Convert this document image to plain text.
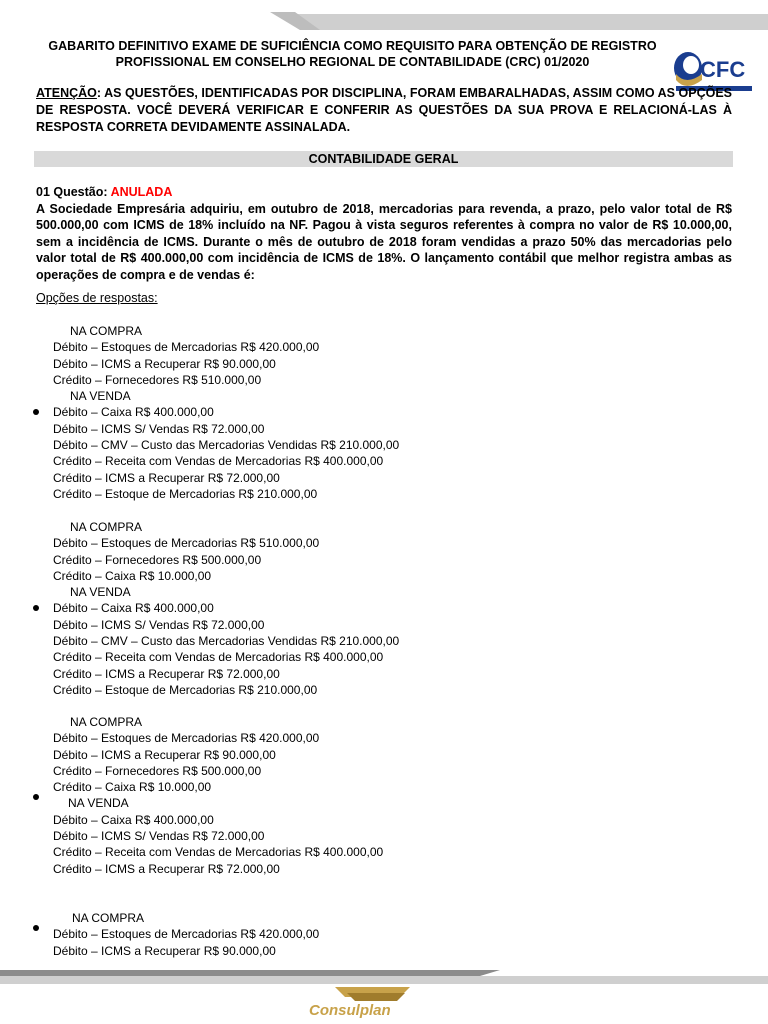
GABARITO DEFINITIVO EXAME DE SUFICIÊNCIA COMO REQUISITO PARA OBTENÇÃO DE REGISTRO
PROFISSIONAL EM CONSELHO REGIONAL DE CONTABILIDADE (CRC) 01/2020	CFC
ATENÇÃO: AS QUESTÕES, IDENTIFICADAS POR DISCIPLINA, FORAM EMBARALHADAS, ASSIM COMO AS OPÇÕES DE RESPOSTA. VOCÊ DEVERÁ VERIFICAR E CONFERIR AS QUESTÕES DA SUA PROVA E RELACIONÁ-LAS À RESPOSTA CORRETA DEVIDAMENTE ASSINALADA.
CONTABILIDADE GERAL
01 Questão: ANULADA
A Sociedade Empresária adquiriu, em outubro de 2018, mercadorias para revenda, a prazo, pelo valor total de R$ 500.000,00 com ICMS de 18% incluído na NF. Pagou à vista seguros referentes à compra no valor de R$ 10.000,00, sem a incidência de ICMS. Durante o mês de outubro de 2018 foram vendidas a prazo 50% das mercadorias pelo valor total de R$ 400.000,00 com incidência de ICMS de 18%. O lançamento contábil que melhor registra ambas as operações de compra e de vendas é:
Opções de respostas:
NA COMPRA
Débito – Estoques de Mercadorias R$ 420.000,00
Débito – ICMS a Recuperar R$ 90.000,00
Crédito – Fornecedores R$ 510.000,00
NA VENDA
Débito – Caixa R$ 400.000,00
Débito – ICMS S/ Vendas R$ 72.000,00
Débito – CMV – Custo das Mercadorias Vendidas R$ 210.000,00
Crédito – Receita com Vendas de Mercadorias R$ 400.000,00
Crédito – ICMS a Recuperar R$ 72.000,00
Crédito – Estoque de Mercadorias R$ 210.000,00
NA COMPRA
Débito – Estoques de Mercadorias R$ 510.000,00
Crédito – Fornecedores R$ 500.000,00
Crédito – Caixa R$ 10.000,00
NA VENDA
Débito – Caixa R$ 400.000,00
Débito – ICMS S/ Vendas R$ 72.000,00
Débito – CMV – Custo das Mercadorias Vendidas R$ 210.000,00
Crédito – Receita com Vendas de Mercadorias R$ 400.000,00
Crédito – ICMS a Recuperar R$ 72.000,00
Crédito – Estoque de Mercadorias R$ 210.000,00
NA COMPRA
Débito – Estoques de Mercadorias R$ 420.000,00
Débito – ICMS a Recuperar R$ 90.000,00
Crédito – Fornecedores R$ 500.000,00
Crédito – Caixa R$ 10.000,00
NA VENDA
Débito – Caixa R$ 400.000,00
Débito – ICMS S/ Vendas R$ 72.000,00
Crédito – Receita com Vendas de Mercadorias R$ 400.000,00
Crédito – ICMS a Recuperar R$ 72.000,00
NA COMPRA
Débito – Estoques de Mercadorias R$ 420.000,00
Débito – ICMS a Recuperar R$ 90.000,00
Consulplan
